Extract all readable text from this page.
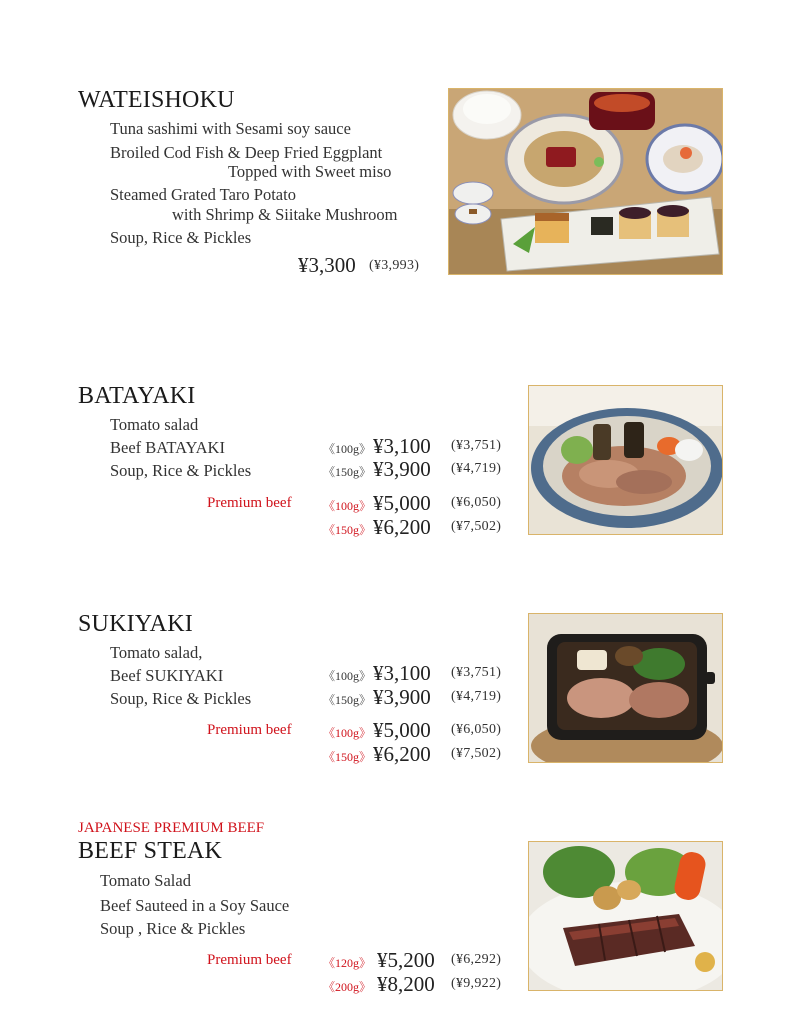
WATEISHOKU
Tuna sashimi with Sesami soy sauce
Broiled Cod Fish & Deep Fried Eggplant
Topped with Sweet miso
Steamed Grated Taro Potato
with Shrimp & Siitake Mushroom
Soup, Rice & Pickles
¥3,300 (¥3,993)
BATAYAKI
Tomato salad
Beef BATAYAKI
Soup, Rice & Pickles
《100g》 ¥3,100 (¥3,751)
《150g》 ¥3,900 (¥4,719)
Premium beef	《100g》 ¥5,000 (¥6,050)
《150g》 ¥6,200 (¥7,502)
SUKIYAKI
Tomato salad,
Beef SUKIYAKI
Soup, Rice & Pickles
《100g》 ¥3,100 (¥3,751)
《150g》 ¥3,900 (¥4,719)
Premium beef	《100g》 ¥5,000 (¥6,050)
《150g》 ¥6,200 (¥7,502)
JAPANESE PREMIUM BEEF
BEEF STEAK
Tomato Salad
Beef Sauteed in a Soy Sauce
Soup , Rice & Pickles
Premium beef	《120g》 ¥5,200 (¥6,292)
《200g》 ¥8,200 (¥9,922)
